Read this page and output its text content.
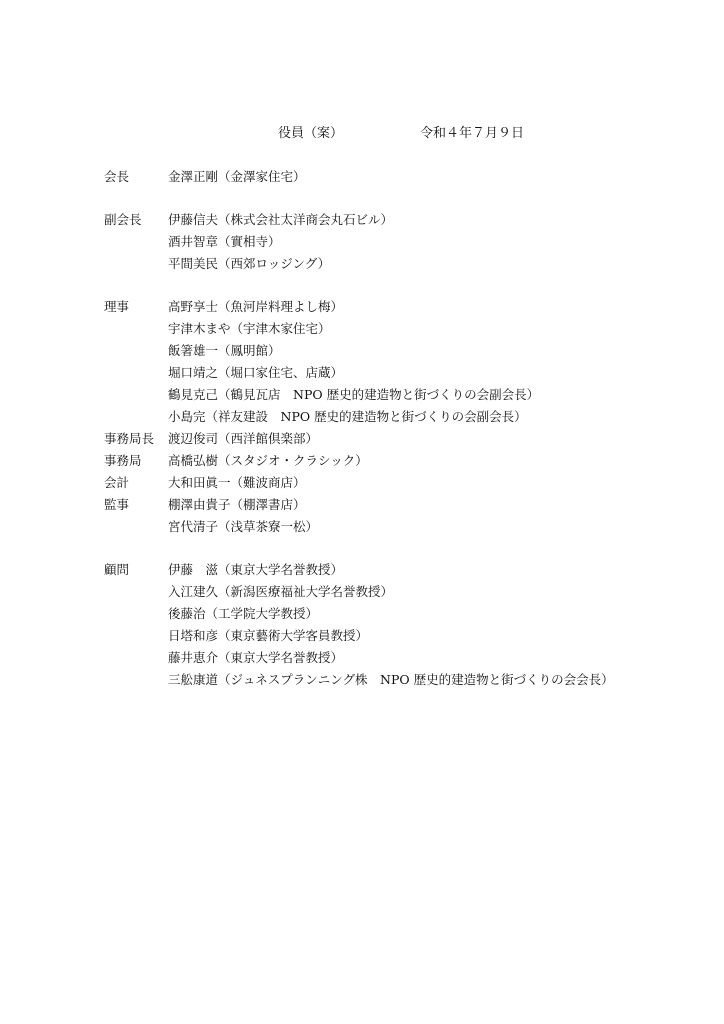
役員（案）	令和４年７月９日
会長	金澤正剛（金澤家住宅）
副会長	伊藤信夫（株式会社太洋商会丸石ビル）
酒井智章（實相寺）
平間美民（西郊ロッジング）
理事	高野享士（魚河岸料理よし梅）
宇津木まや（宇津木家住宅）
飯箸雄一（鳳明館）
堀口靖之（堀口家住宅、店蔵）
鶴見克己（鶴見瓦店　NPO 歴史的建造物と街づくりの会副会長）
小島完（祥友建設　NPO 歴史的建造物と街づくりの会副会長）
事務局長	渡辺俊司（西洋館倶楽部）
事務局	高橋弘樹（スタジオ・クラシック）
会計	大和田眞一（難波商店）
監事	棚澤由貴子（棚澤書店）
宮代清子（浅草茶寮一松）
顧問	伊藤　滋（東京大学名誉教授）
入江建久（新潟医療福祉大学名誉教授）
後藤治（工学院大学教授）
日塔和彦（東京藝術大学客員教授）
藤井恵介（東京大学名誉教授）
三舩康道（ジュネスプランニング株　NPO 歴史的建造物と街づくりの会会長）
